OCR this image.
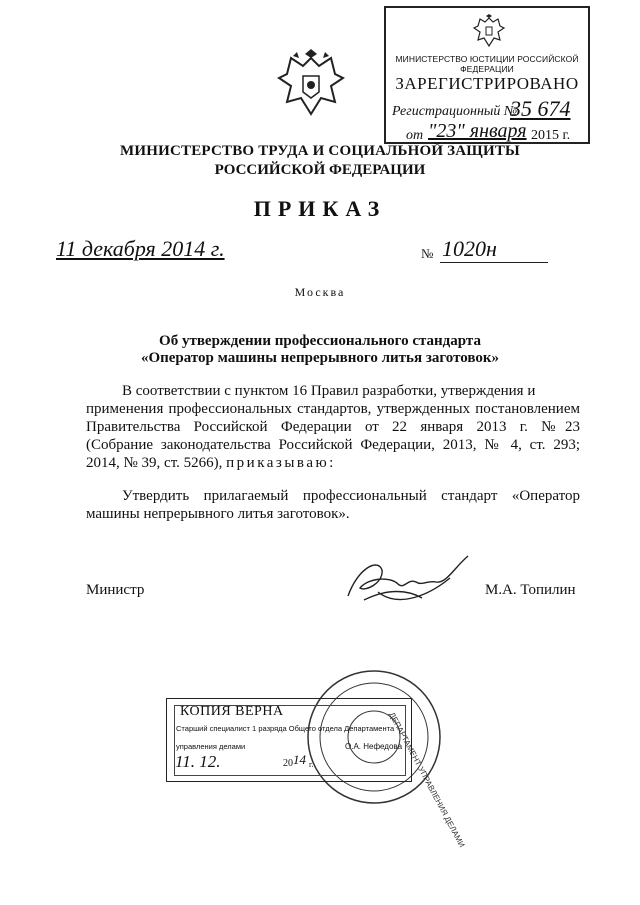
МИНИСТЕРСТВО ЮСТИЦИИ РОССИЙСКОЙ ФЕДЕРАЦИИ
ЗАРЕГИСТРИРОВАНО
Регистрационный №
35 674
от "23" января 2015 г.
МИНИСТЕРСТВО ТРУДА И СОЦИАЛЬНОЙ ЗАЩИТЫ
РОССИЙСКОЙ ФЕДЕРАЦИИ
ПРИКАЗ
11 декабря 2014 г.	№ 1020н
Москва
Об утверждении профессионального стандарта
«Оператор машины непрерывного литья заготовок»
В соответствии с пунктом 16 Правил разработки, утверждения и
применения профессиональных стандартов, утвержденных постановлением
Правительства Российской Федерации от 22 января 2013 г. №23
(Собрание законодательства Российской Федерации, 2013, № 4, ст. 293;
2014, № 39, ст. 5266), приказываю:
Утвердить прилагаемый профессиональный стандарт «Оператор
машины непрерывного литья заготовок».
Министр	М.А. Топилин
ДЕПАРТАМЕНТ УПРАВЛЕНИЯ ДЕЛАМИ
КОПИЯ ВЕРНА
Старший специалист 1 разряда Общего отдела Департамента
управления делами	О.А. Нефедова
11. 12.	20 14 г.
